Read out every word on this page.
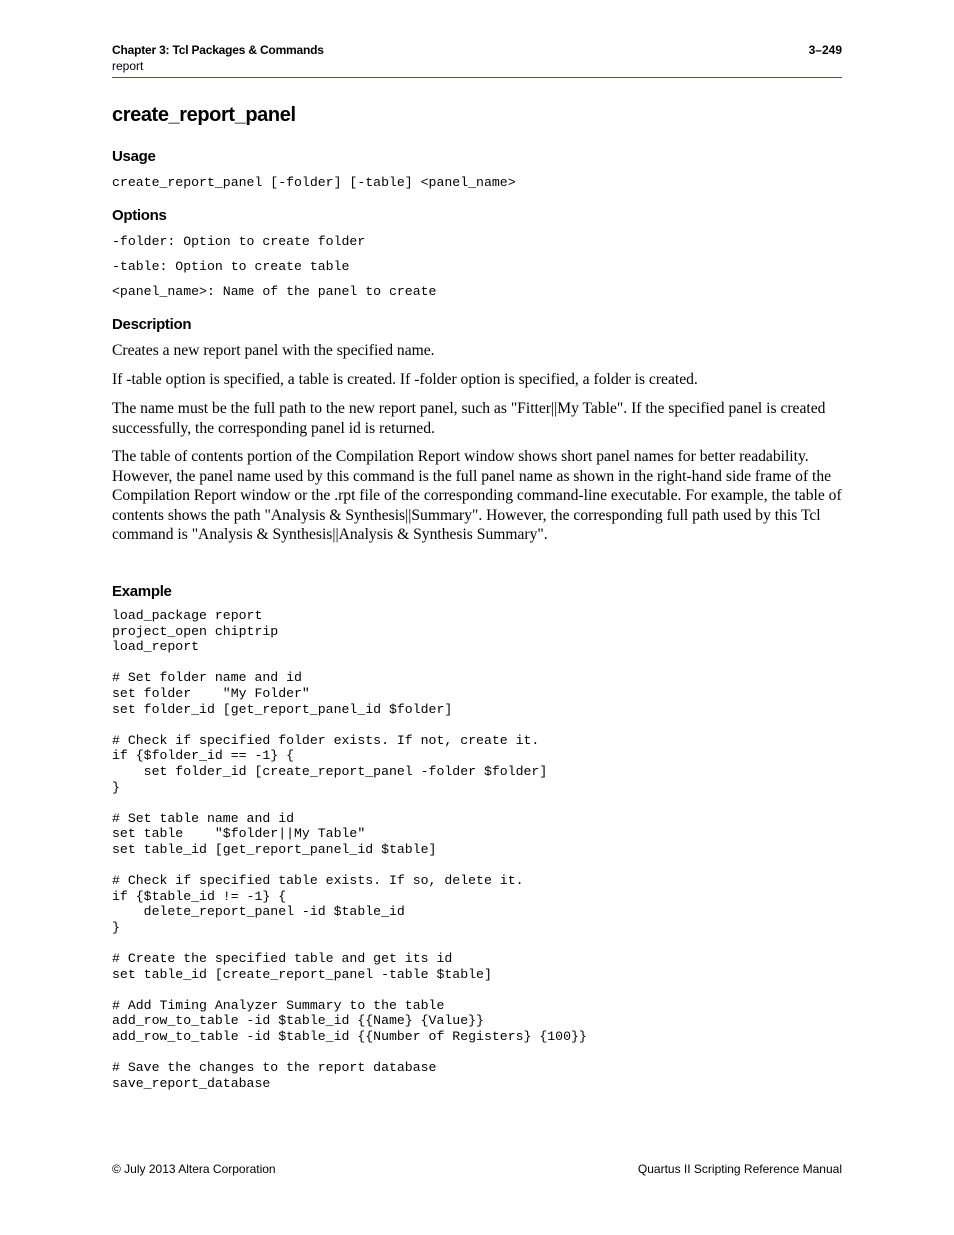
Chapter 3: Tcl Packages & Commands
report
3–249
create_report_panel
Usage
create_report_panel [-folder] [-table] <panel_name>
Options
-folder: Option to create folder
-table: Option to create table
<panel_name>: Name of the panel to create
Description

Creates a new report panel with the specified name.

If -table option is specified, a table is created. If -folder option is specified, a folder is created.

The name must be the full path to the new report panel, such as "Fitter||My Table". If the specified panel is created successfully, the corresponding panel id is returned.

The table of contents portion of the Compilation Report window shows short panel names for better readability. However, the panel name used by this command is the full panel name as shown in the right-hand side frame of the Compilation Report window or the .rpt file of the corresponding command-line executable. For example, the table of contents shows the path "Analysis & Synthesis||Summary". However, the corresponding full path used by this Tcl command is "Analysis & Synthesis||Analysis & Synthesis Summary".

Example
load_package report
project_open chiptrip
load_report

# Set folder name and id
set folder    "My Folder"
set folder_id [get_report_panel_id $folder]

# Check if specified folder exists. If not, create it.
if {$folder_id == -1} {
set folder_id [create_report_panel -folder $folder]
}

# Set table name and id
set table    "$folder||My Table"
set table_id [get_report_panel_id $table]

# Check if specified table exists. If so, delete it.
if {$table_id != -1} {
delete_report_panel -id $table_id
}

# Create the specified table and get its id
set table_id [create_report_panel -table $table]

# Add Timing Analyzer Summary to the table
add_row_to_table -id $table_id {{Name} {Value}}
add_row_to_table -id $table_id {{Number of Registers} {100}}

# Save the changes to the report database
save_report_database
© July 2013 Altera Corporation	Quartus II Scripting Reference Manual
